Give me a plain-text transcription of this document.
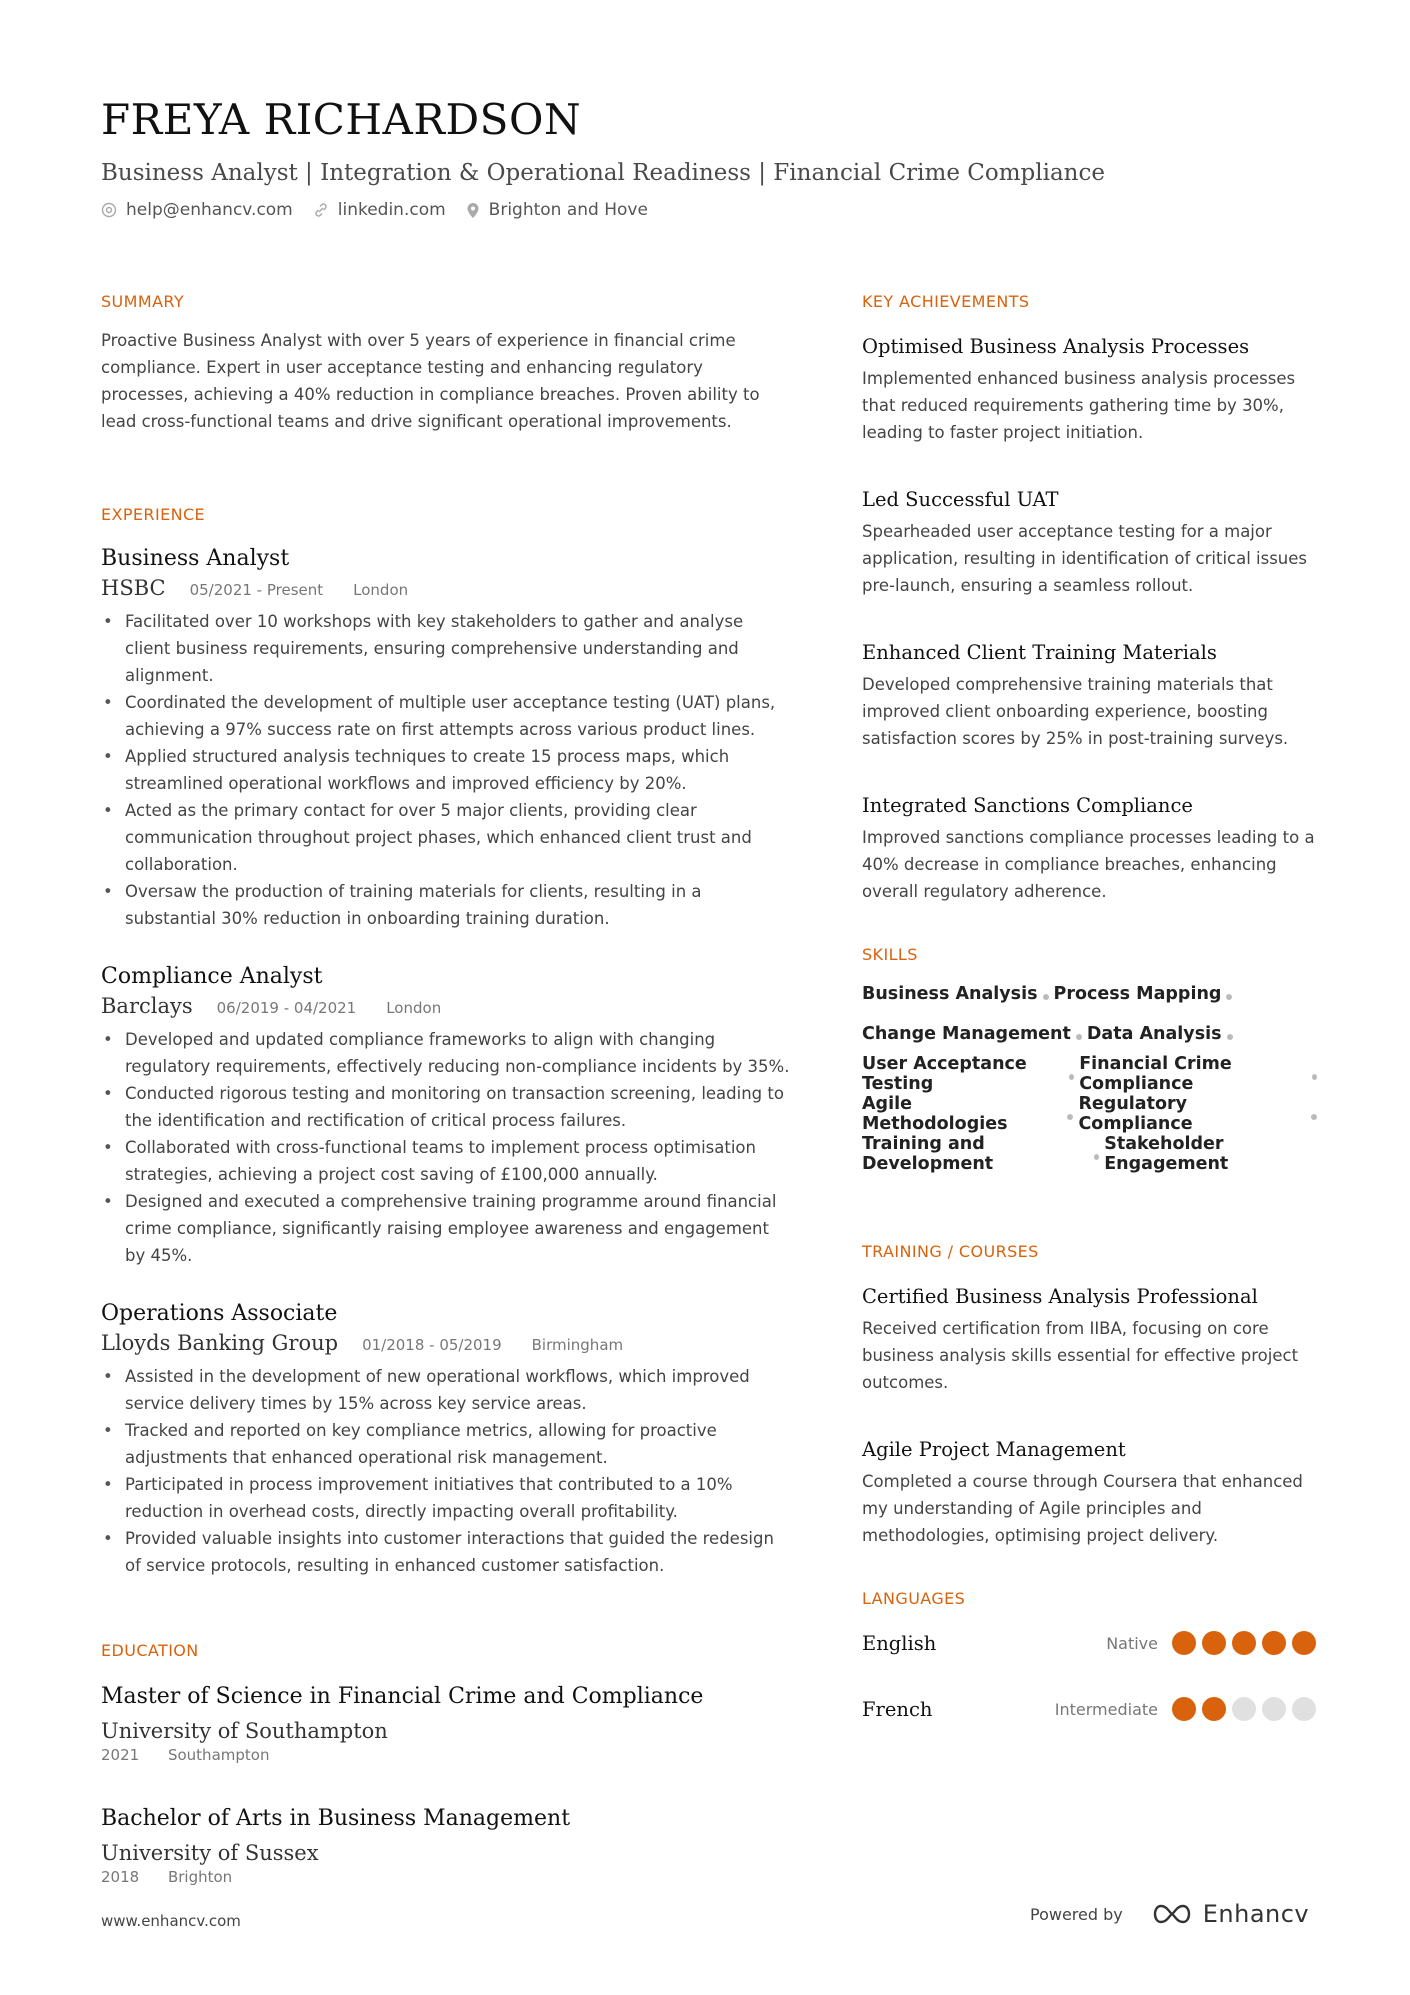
FREYA RICHARDSON
Business Analyst | Integration & Operational Readiness | Financial Crime Compliance
help@enhancv.com	linkedin.com	Brighton and Hove
SUMMARY

Proactive Business Analyst with over 5 years of experience in financial crime compliance. Expert in user acceptance testing and enhancing regulatory processes, achieving a 40% reduction in compliance breaches. Proven ability to lead cross-functional teams and drive significant operational improvements.

EXPERIENCE
Business Analyst
HSBC 05/2021 - Present London
• Facilitated over 10 workshops with key stakeholders to gather and analyse client business requirements, ensuring comprehensive understanding and alignment.
• Coordinated the development of multiple user acceptance testing (UAT) plans, achieving a 97% success rate on first attempts across various product lines.
• Applied structured analysis techniques to create 15 process maps, which streamlined operational workflows and improved efficiency by 20%.
• Acted as the primary contact for over 5 major clients, providing clear communication throughout project phases, which enhanced client trust and collaboration.
• Oversaw the production of training materials for clients, resulting in a substantial 30% reduction in onboarding training duration.
Compliance Analyst
Barclays 06/2019 - 04/2021 London
• Developed and updated compliance frameworks to align with changing regulatory requirements, effectively reducing non-compliance incidents by 35%.
• Conducted rigorous testing and monitoring on transaction screening, leading to the identification and rectification of critical process failures.
• Collaborated with cross-functional teams to implement process optimisation strategies, achieving a project cost saving of £100,000 annually.
• Designed and executed a comprehensive training programme around financial crime compliance, significantly raising employee awareness and engagement by 45%.
Operations Associate
Lloyds Banking Group 01/2018 - 05/2019 Birmingham
• Assisted in the development of new operational workflows, which improved service delivery times by 15% across key service areas.
• Tracked and reported on key compliance metrics, allowing for proactive adjustments that enhanced operational risk management.
• Participated in process improvement initiatives that contributed to a 10% reduction in overhead costs, directly impacting overall profitability.
• Provided valuable insights into customer interactions that guided the redesign of service protocols, resulting in enhanced customer satisfaction.
EDUCATION
Master of Science in Financial Crime and Compliance
University of Southampton
2021 Southampton
Bachelor of Arts in Business Management
University of Sussex
2018 Brighton
KEY ACHIEVEMENTS
Optimised Business Analysis Processes

Implemented enhanced business analysis processes that reduced requirements gathering time by 30%, leading to faster project initiation.

Led Successful UAT

Spearheaded user acceptance testing for a major application, resulting in identification of critical issues pre-launch, ensuring a seamless rollout.

Enhanced Client Training Materials

Developed comprehensive training materials that improved client onboarding experience, boosting satisfaction scores by 25% in post-training surveys.

Integrated Sanctions Compliance

Improved sanctions compliance processes leading to a 40% decrease in compliance breaches, enhancing overall regulatory adherence.

SKILLS
Business Analysis Process Mapping
Change Management Data Analysis
User Acceptance Testing
Financial Crime Compliance
Agile Methodologies
Regulatory Compliance
Training and Development
Stakeholder Engagement
TRAINING / COURSES
Certified Business Analysis Professional

Received certification from IIBA, focusing on core business analysis skills essential for effective project outcomes.

Agile Project Management

Completed a course through Coursera that enhanced my understanding of Agile principles and methodologies, optimising project delivery.

LANGUAGES
English	Native
French	Intermediate
www.enhancv.com	Powered by	Enhancv
